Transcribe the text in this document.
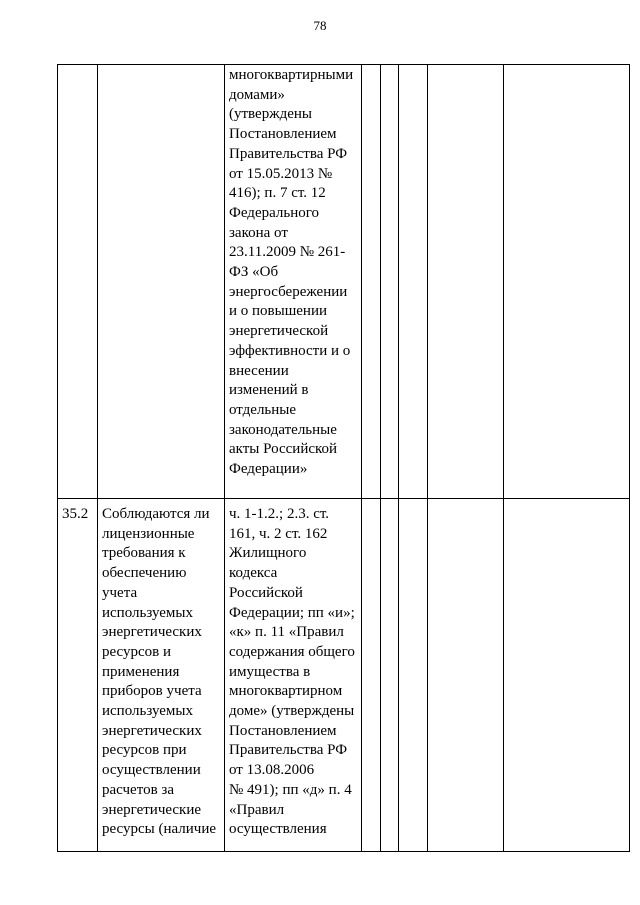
78
многоквартирными
домами»
(утверждены
Постановлением
Правительства РФ
от 15.05.2013 №
416); п. 7 ст. 12
Федерального
закона от
23.11.2009 № 261-
ФЗ «Об
энергосбережении
и о повышении
энергетической
эффективности и о
внесении
изменений в
отдельные
законодательные
акты Российской
Федерации»
35.2 Соблюдаются ли
лицензионные
требования к
обеспечению
учета
используемых
энергетических
ресурсов и
применения
приборов учета
используемых
энергетических
ресурсов при
осуществлении
расчетов за
энергетические
ресурсы (наличие
ч. 1-1.2.; 2.3. ст.
161, ч. 2 ст. 162
Жилищного
кодекса
Российской
Федерации; пп «и»;
«к» п. 11 «Правил
содержания общего
имущества в
многоквартирном
доме» (утверждены
Постановлением
Правительства РФ
от 13.08.2006
№ 491); пп «д» п. 4
«Правил
осуществления
